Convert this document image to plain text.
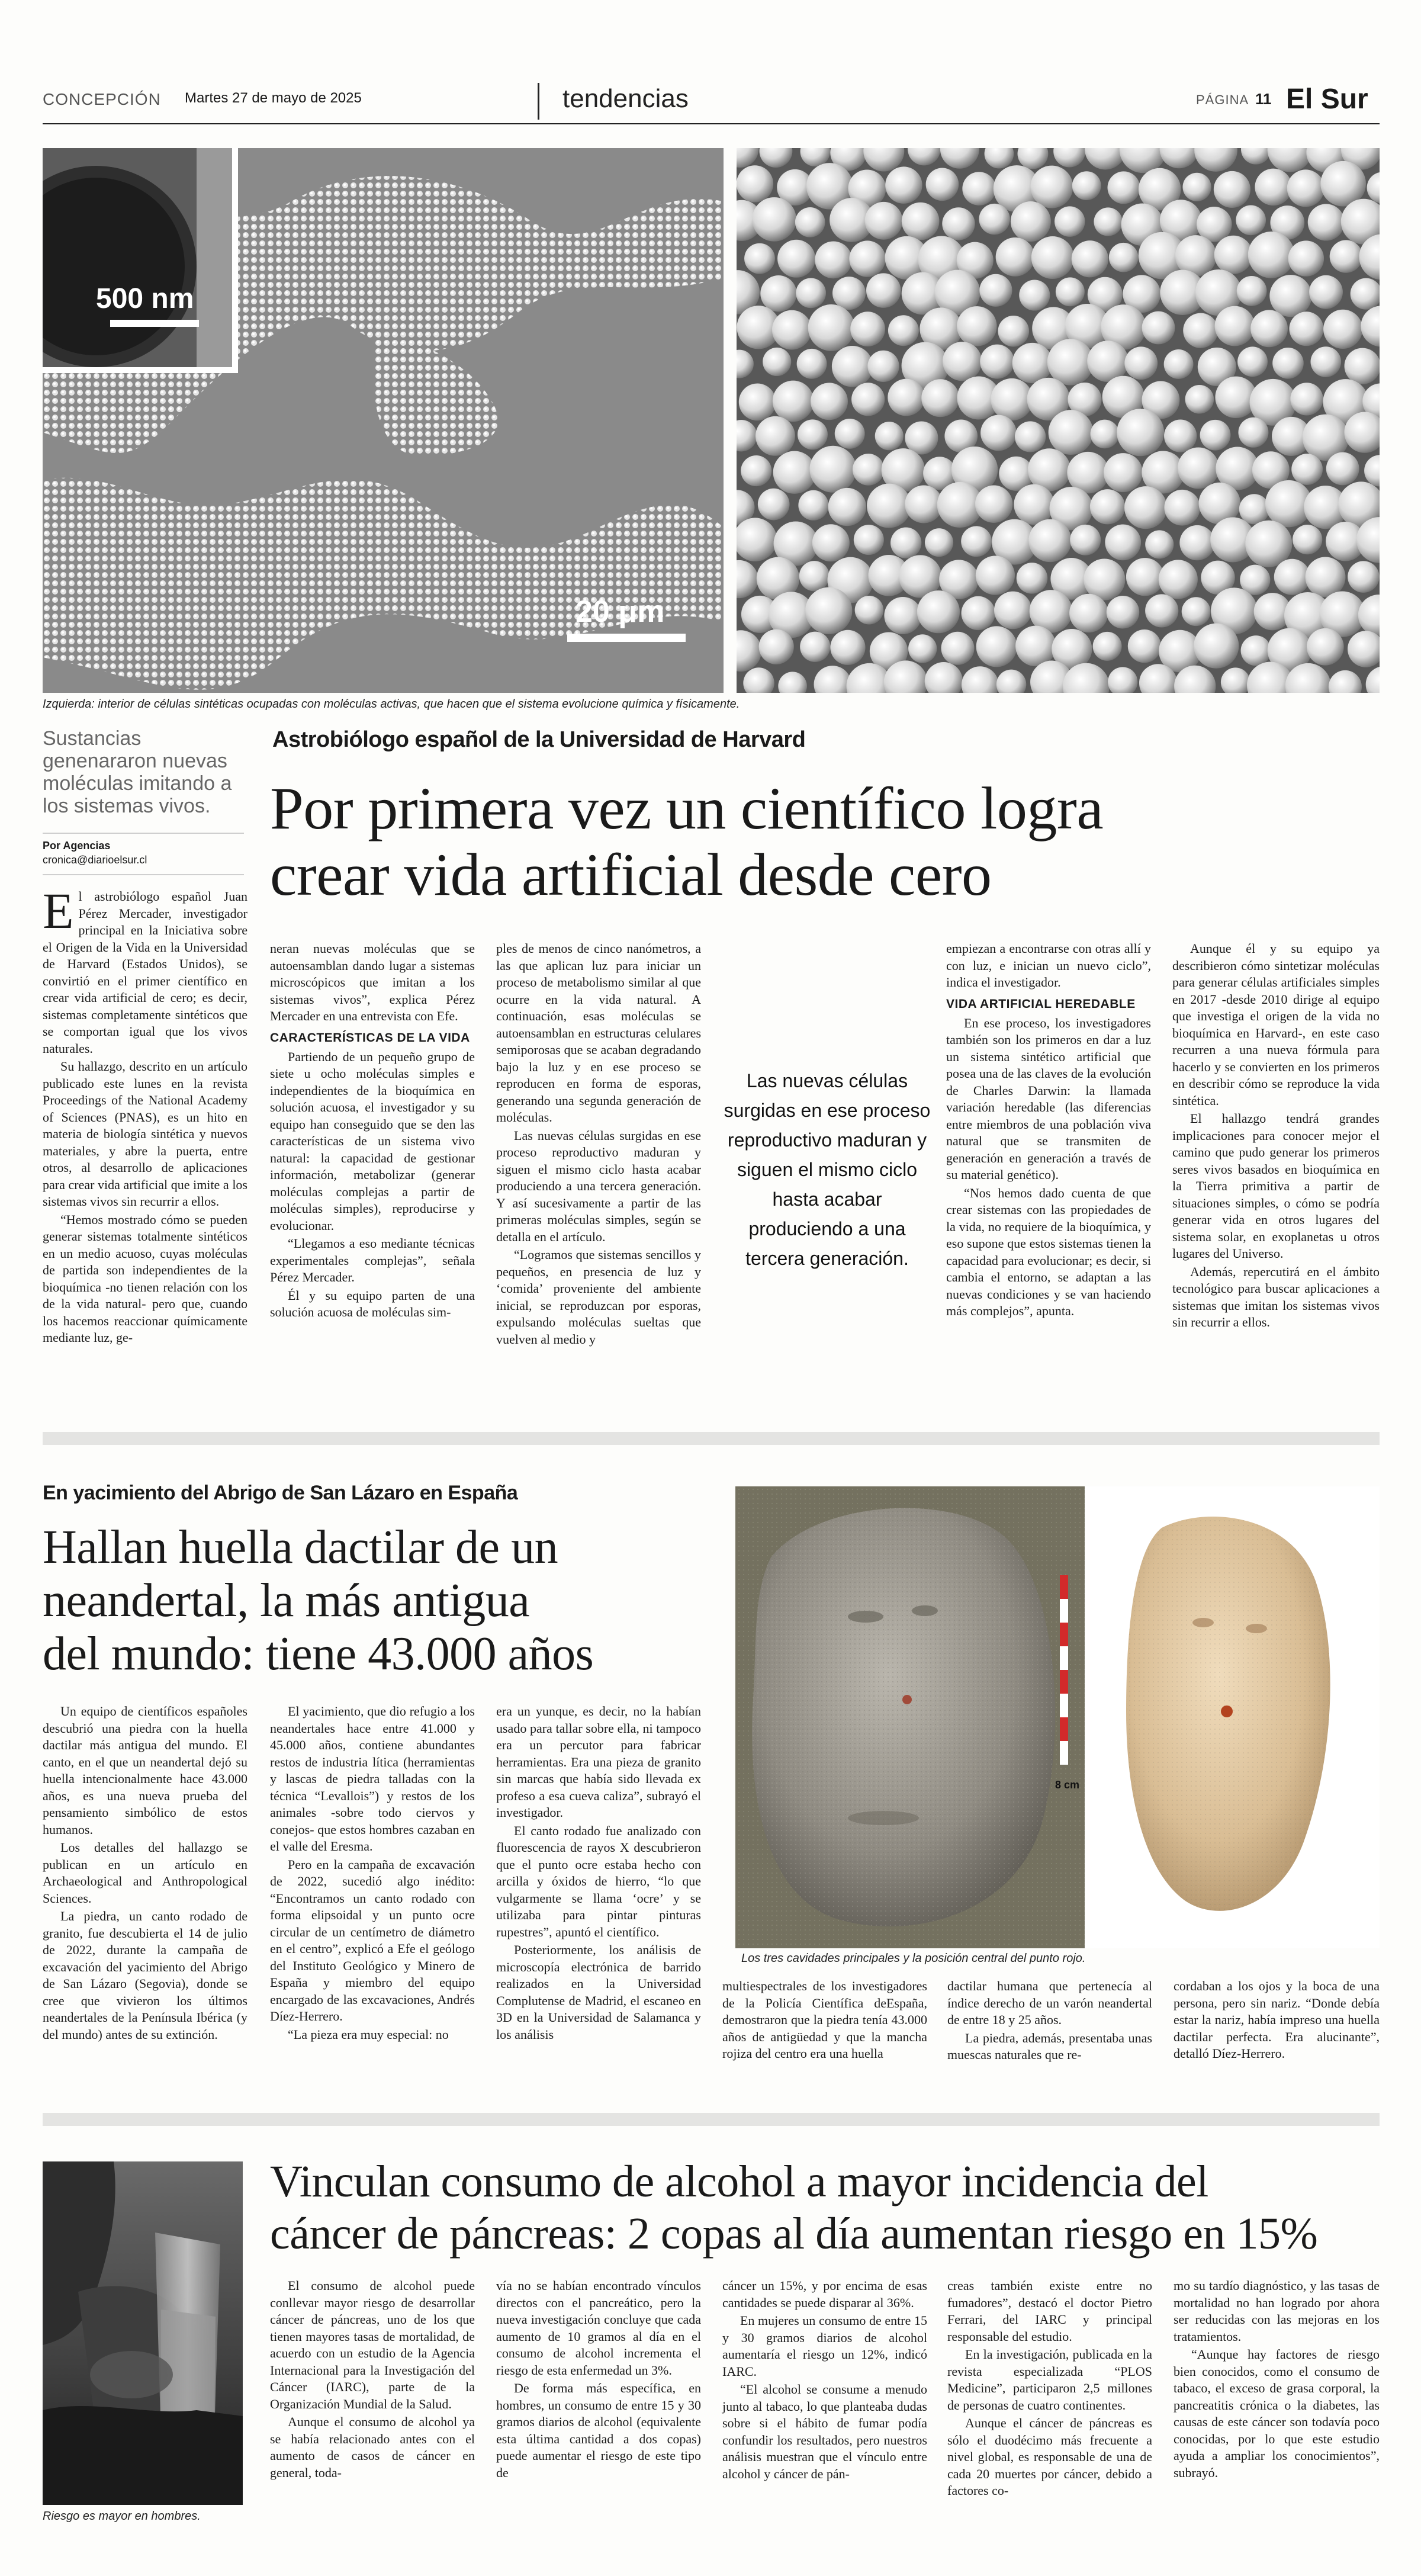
CONCEPCIÓN Martes 27 de mayo de 2025	tendencias	PÁGINA 11 El Sur
500 nm
20 μm
Izquierda: interior de células sintéticas ocupadas con moléculas activas, que hacen que el sistema evolucione química y físicamente.
Sustancias genenararon nuevas moléculas imitando a los sistemas vivos.
Por Agencias
cronica@diarioelsur.cl
Astrobiólogo español de la Universidad de Harvard
Por primera vez un científico logra
crear vida artificial desde cero

El astrobiólogo español Juan Pérez Mercader, investigador principal en la Iniciativa sobre el Origen de la Vida en la Universidad de Harvard (Estados Unidos), se convirtió en el primer científico en crear vida artificial de cero; es decir, sistemas completamente sintéticos que se comportan igual que los vivos naturales.

Su hallazgo, descrito en un artículo publicado este lunes en la revista Proceedings of the National Academy of Sciences (PNAS), es un hito en materia de biología sintética y nuevos materiales, y abre la puerta, entre otros, al desarrollo de aplicaciones para crear vida artificial que imite a los sistemas vivos sin recurrir a ellos.

“Hemos mostrado cómo se pueden generar sistemas totalmente sintéticos en un medio acuoso, cuyas moléculas de partida son independientes de la bioquímica -no tienen relación con los de la vida natural- pero que, cuando los hacemos reaccionar químicamente mediante luz, ge-

neran nuevas moléculas que se autoensamblan dando lugar a sistemas microscópicos que imitan a los sistemas vivos”, explica Pérez Mercader en una entrevista con Efe.

CARACTERÍSTICAS DE LA VIDA

Partiendo de un pequeño grupo de siete u ocho moléculas simples e independientes de la bioquímica en solución acuosa, el investigador y su equipo han conseguido que se den las características de un sistema vivo natural: la capacidad de gestionar información, metabolizar (generar moléculas complejas a partir de moléculas simples), reproducirse y evolucionar.

“Llegamos a eso mediante técnicas experimentales complejas”, señala Pérez Mercader.

Él y su equipo parten de una solución acuosa de moléculas sim-

ples de menos de cinco nanómetros, a las que aplican luz para iniciar un proceso de metabolismo similar al que ocurre en la vida natural. A continuación, esas moléculas se autoensamblan en estructuras celulares semiporosas que se acaban degradando bajo la luz y en ese proceso se reproducen en forma de esporas, generando una segunda generación de moléculas.

Las nuevas células surgidas en ese proceso reproductivo maduran y siguen el mismo ciclo hasta acabar produciendo a una tercera generación. Y así sucesivamente a partir de las primeras moléculas simples, según se detalla en el artículo.

“Logramos que sistemas sencillos y pequeños, en presencia de luz y ‘comida’ proveniente del ambiente inicial, se reproduzcan por esporas, expulsando moléculas sueltas que vuelven al medio y

Las nuevas células surgidas en ese proceso reproductivo maduran y siguen el mismo ciclo hasta acabar produciendo a una tercera generación.

empiezan a encontrarse con otras allí y con luz, e inician un nuevo ciclo”, indica el investigador.

VIDA ARTIFICIAL HEREDABLE

En ese proceso, los investigadores también son los primeros en dar a luz un sistema sintético artificial que posea una de las claves de la evolución de Charles Darwin: la llamada variación heredable (las diferencias entre miembros de una población viva natural que se transmiten de generación en generación a través de su material genético).

“Nos hemos dado cuenta de que crear sistemas con las propiedades de la vida, no requiere de la bioquímica, y eso supone que estos sistemas tienen la capacidad para evolucionar; es decir, si cambia el entorno, se adaptan a las nuevas condiciones y se van haciendo más complejos”, apunta.

Aunque él y su equipo ya describieron cómo sintetizar moléculas para generar células artificiales simples en 2017 -desde 2010 dirige al equipo que investiga el origen de la vida no bioquímica en Harvard-, en este caso recurren a una nueva fórmula para hacerlo y se convierten en los primeros en describir cómo se reproduce la vida sintética.

El hallazgo tendrá grandes implicaciones para conocer mejor el camino que pudo generar los primeros seres vivos basados en bioquímica en la Tierra primitiva a partir de situaciones simples, o cómo se podría generar vida en otros lugares del sistema solar, en exoplanetas u otros lugares del Universo.

Además, repercutirá en el ámbito tecnológico para buscar aplicaciones a sistemas que imitan los sistemas vivos sin recurrir a ellos.

En yacimiento del Abrigo de San Lázaro en España
Hallan huella dactilar de un
neandertal, la más antigua
del mundo: tiene 43.000 años
8 cm
Los tres cavidades principales y la posición central del punto rojo.

Un equipo de científicos españoles descubrió una piedra con la huella dactilar más antigua del mundo. El canto, en el que un neandertal dejó su huella intencionalmente hace 43.000 años, es una nueva prueba del pensamiento simbólico de estos humanos.

Los detalles del hallazgo se publican en un artículo en Archaeological and Anthropological Sciences.

La piedra, un canto rodado de granito, fue descubierta el 14 de julio de 2022, durante la campaña de excavación del yacimiento del Abrigo de San Lázaro (Segovia), donde se cree que vivieron los últimos neandertales de la Península Ibérica (y del mundo) antes de su extinción.

El yacimiento, que dio refugio a los neandertales hace entre 41.000 y 45.000 años, contiene abundantes restos de industria lítica (herramientas y lascas de piedra talladas con la técnica “Levallois”) y restos de los animales -sobre todo ciervos y conejos- que estos hombres cazaban en el valle del Eresma.

Pero en la campaña de excavación de 2022, sucedió algo inédito: “Encontramos un canto rodado con forma elipsoidal y un punto ocre circular de un centímetro de diámetro en el centro”, explicó a Efe el geólogo del Instituto Geológico y Minero de España y miembro del equipo encargado de las excavaciones, Andrés Díez-Herrero.

“La pieza era muy especial: no

era un yunque, es decir, no la habían usado para tallar sobre ella, ni tampoco era un percutor para fabricar herramientas. Era una pieza de granito sin marcas que había sido llevada ex profeso a esa cueva caliza”, subrayó el investigador.

El canto rodado fue analizado con fluorescencia de rayos X descubrieron que el punto ocre estaba hecho con arcilla y óxidos de hierro, “lo que vulgarmente se llama ‘ocre’ y se utilizaba para pintar pinturas rupestres”, apuntó el científico.

Posteriormente, los análisis de microscopía electrónica de barrido realizados en la Universidad Complutense de Madrid, el escaneo en 3D en la Universidad de Salamanca y los análisis

multiespectrales de los investigadores de la Policía Científica deEspaña, demostraron que la piedra tenía 43.000 años de antigüedad y que la mancha rojiza del centro era una huella

dactilar humana que pertenecía al índice derecho de un varón neandertal de entre 18 y 25 años.

La piedra, además, presentaba unas muescas naturales que re-

cordaban a los ojos y la boca de una persona, pero sin nariz. “Donde debía estar la nariz, había impreso una huella dactilar perfecta. Era alucinante”, detalló Díez-Herrero.

Riesgo es mayor en hombres.
Vinculan consumo de alcohol a mayor incidencia del
cáncer de páncreas: 2 copas al día aumentan riesgo en 15%

El consumo de alcohol puede conllevar mayor riesgo de desarrollar cáncer de páncreas, uno de los que tienen mayores tasas de mortalidad, de acuerdo con un estudio de la Agencia Internacional para la Investigación del Cáncer (IARC), parte de la Organización Mundial de la Salud.

Aunque el consumo de alcohol ya se había relacionado antes con el aumento de casos de cáncer en general, toda-

vía no se habían encontrado vínculos directos con el pancreático, pero la nueva investigación concluye que cada aumento de 10 gramos al día en el consumo de alcohol incrementa el riesgo de esta enfermedad un 3%.

De forma más específica, en hombres, un consumo de entre 15 y 30 gramos diarios de alcohol (equivalente esta última cantidad a dos copas) puede aumentar el riesgo de este tipo de

cáncer un 15%, y por encima de esas cantidades se puede disparar al 36%.

En mujeres un consumo de entre 15 y 30 gramos diarios de alcohol aumentaría el riesgo un 12%, indicó IARC.

“El alcohol se consume a menudo junto al tabaco, lo que planteaba dudas sobre si el hábito de fumar podía confundir los resultados, pero nuestros análisis muestran que el vínculo entre alcohol y cáncer de pán-

creas también existe entre no fumadores”, destacó el doctor Pietro Ferrari, del IARC y principal responsable del estudio.

En la investigación, publicada en la revista especializada “PLOS Medicine”, participaron 2,5 millones de personas de cuatro continentes.

Aunque el cáncer de páncreas es sólo el duodécimo más frecuente a nivel global, es responsable de una de cada 20 muertes por cáncer, debido a factores co-

mo su tardío diagnóstico, y las tasas de mortalidad no han logrado por ahora ser reducidas con las mejoras en los tratamientos.

“Aunque hay factores de riesgo bien conocidos, como el consumo de tabaco, el exceso de grasa corporal, la pancreatitis crónica o la diabetes, las causas de este cáncer son todavía poco conocidas, por lo que este estudio ayuda a ampliar los conocimientos”, subrayó.
